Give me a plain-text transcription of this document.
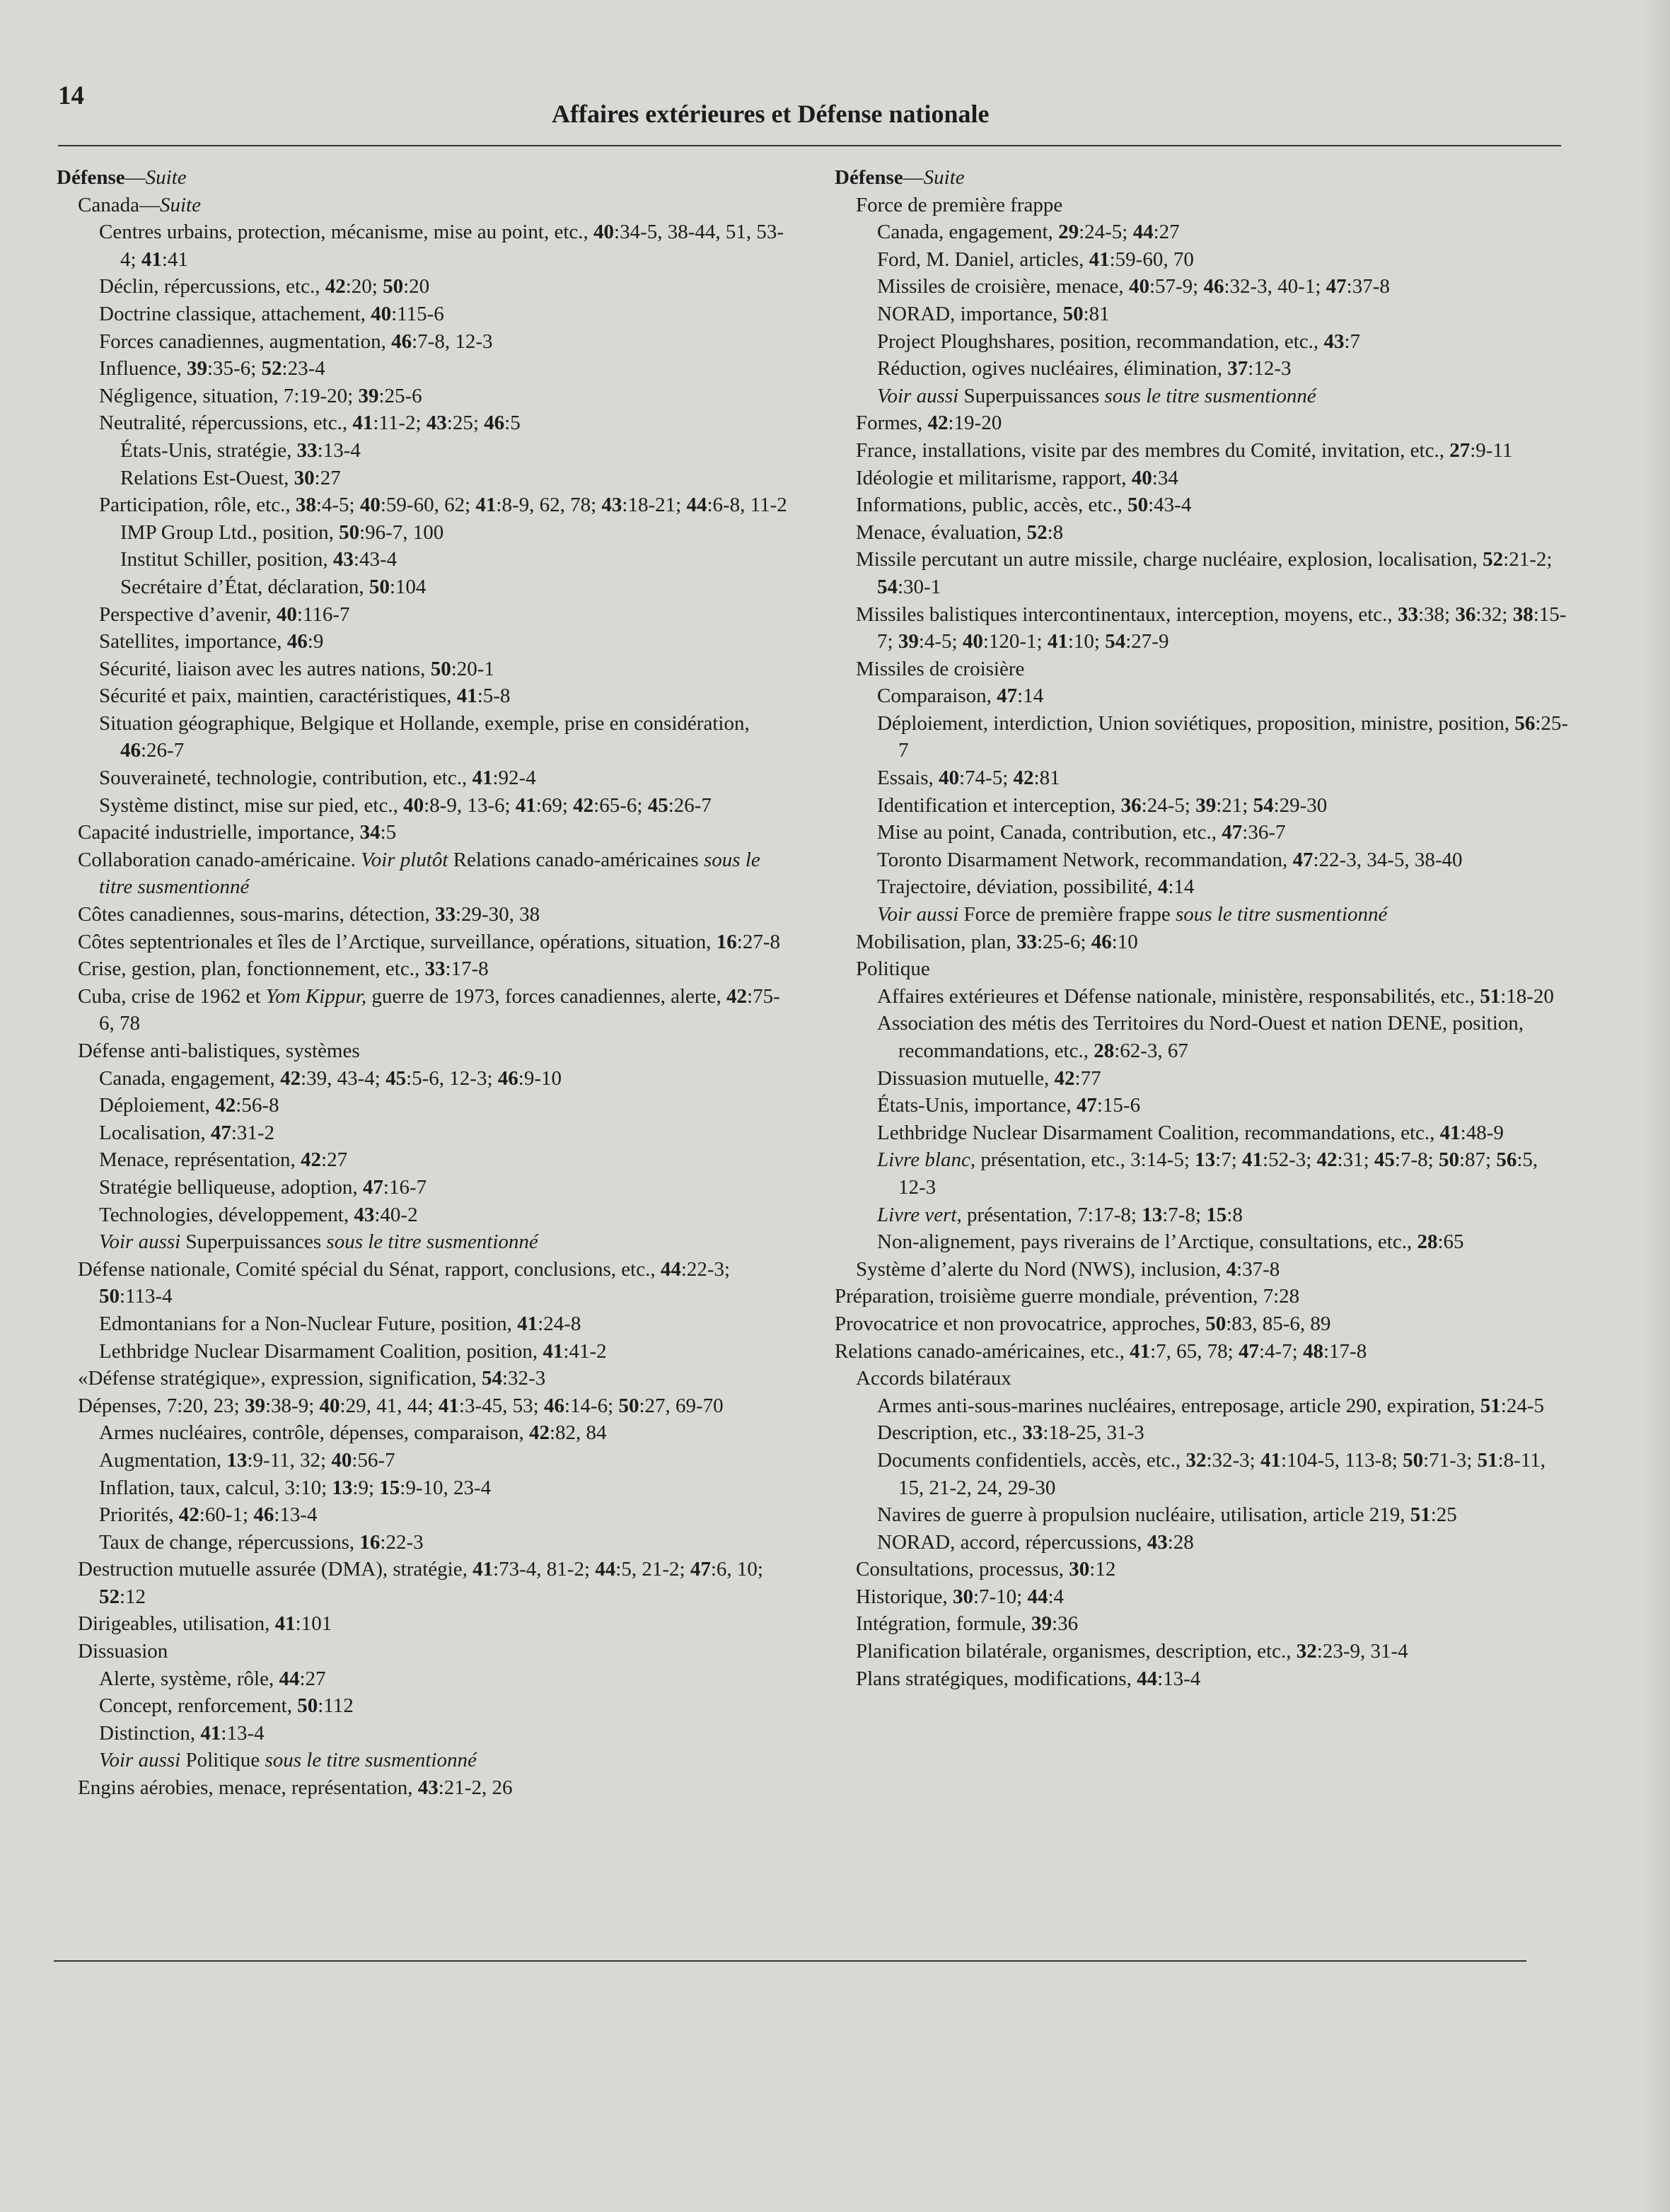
14

Affaires extérieures et Défense nationale

Défense—Suite

Canada—Suite

Centres urbains, protection, mécanisme, mise au point, etc., 40:34-5, 38-44, 51, 53-4; 41:41

Déclin, répercussions, etc., 42:20; 50:20

Doctrine classique, attachement, 40:115-6

Forces canadiennes, augmentation, 46:7-8, 12-3

Influence, 39:35-6; 52:23-4

Négligence, situation, 7:19-20; 39:25-6

Neutralité, répercussions, etc., 41:11-2; 43:25; 46:5

États-Unis, stratégie, 33:13-4

Relations Est-Ouest, 30:27

Participation, rôle, etc., 38:4-5; 40:59-60, 62; 41:8-9, 62, 78; 43:18-21; 44:6-8, 11-2

IMP Group Ltd., position, 50:96-7, 100

Institut Schiller, position, 43:43-4

Secrétaire d’État, déclaration, 50:104

Perspective d’avenir, 40:116-7

Satellites, importance, 46:9

Sécurité, liaison avec les autres nations, 50:20-1

Sécurité et paix, maintien, caractéristiques, 41:5-8

Situation géographique, Belgique et Hollande, exemple, prise en considération, 46:26-7

Souveraineté, technologie, contribution, etc., 41:92-4

Système distinct, mise sur pied, etc., 40:8-9, 13-6; 41:69; 42:65-6; 45:26-7

Capacité industrielle, importance, 34:5

Collaboration canado-américaine. Voir plutôt Relations canado-américaines sous le titre susmentionné

Côtes canadiennes, sous-marins, détection, 33:29-30, 38

Côtes septentrionales et îles de l’Arctique, surveillance, opérations, situation, 16:27-8

Crise, gestion, plan, fonctionnement, etc., 33:17-8

Cuba, crise de 1962 et Yom Kippur, guerre de 1973, forces canadiennes, alerte, 42:75-6, 78

Défense anti-balistiques, systèmes

Canada, engagement, 42:39, 43-4; 45:5-6, 12-3; 46:9-10

Déploiement, 42:56-8

Localisation, 47:31-2

Menace, représentation, 42:27

Stratégie belliqueuse, adoption, 47:16-7

Technologies, développement, 43:40-2

Voir aussi Superpuissances sous le titre susmentionné

Défense nationale, Comité spécial du Sénat, rapport, conclusions, etc., 44:22-3; 50:113-4

Edmontanians for a Non-Nuclear Future, position, 41:24-8

Lethbridge Nuclear Disarmament Coalition, position, 41:41-2

«Défense stratégique», expression, signification, 54:32-3

Dépenses, 7:20, 23; 39:38-9; 40:29, 41, 44; 41:3-45, 53; 46:14-6; 50:27, 69-70

Armes nucléaires, contrôle, dépenses, comparaison, 42:82, 84

Augmentation, 13:9-11, 32; 40:56-7

Inflation, taux, calcul, 3:10; 13:9; 15:9-10, 23-4

Priorités, 42:60-1; 46:13-4

Taux de change, répercussions, 16:22-3

Destruction mutuelle assurée (DMA), stratégie, 41:73-4, 81-2; 44:5, 21-2; 47:6, 10; 52:12

Dirigeables, utilisation, 41:101

Dissuasion

Alerte, système, rôle, 44:27

Concept, renforcement, 50:112

Distinction, 41:13-4

Voir aussi Politique sous le titre susmentionné

Engins aérobies, menace, représentation, 43:21-2, 26

Défense—Suite

Force de première frappe

Canada, engagement, 29:24-5; 44:27

Ford, M. Daniel, articles, 41:59-60, 70

Missiles de croisière, menace, 40:57-9; 46:32-3, 40-1; 47:37-8

NORAD, importance, 50:81

Project Ploughshares, position, recommandation, etc., 43:7

Réduction, ogives nucléaires, élimination, 37:12-3

Voir aussi Superpuissances sous le titre susmentionné

Formes, 42:19-20

France, installations, visite par des membres du Comité, invitation, etc., 27:9-11

Idéologie et militarisme, rapport, 40:34

Informations, public, accès, etc., 50:43-4

Menace, évaluation, 52:8

Missile percutant un autre missile, charge nucléaire, explosion, localisation, 52:21-2; 54:30-1

Missiles balistiques intercontinentaux, interception, moyens, etc., 33:38; 36:32; 38:15-7; 39:4-5; 40:120-1; 41:10; 54:27-9

Missiles de croisière

Comparaison, 47:14

Déploiement, interdiction, Union soviétiques, proposition, ministre, position, 56:25-7

Essais, 40:74-5; 42:81

Identification et interception, 36:24-5; 39:21; 54:29-30

Mise au point, Canada, contribution, etc., 47:36-7

Toronto Disarmament Network, recommandation, 47:22-3, 34-5, 38-40

Trajectoire, déviation, possibilité, 4:14

Voir aussi Force de première frappe sous le titre susmentionné

Mobilisation, plan, 33:25-6; 46:10

Politique

Affaires extérieures et Défense nationale, ministère, responsabilités, etc., 51:18-20

Association des métis des Territoires du Nord-Ouest et nation DENE, position, recommandations, etc., 28:62-3, 67

Dissuasion mutuelle, 42:77

États-Unis, importance, 47:15-6

Lethbridge Nuclear Disarmament Coalition, recommandations, etc., 41:48-9

Livre blanc, présentation, etc., 3:14-5; 13:7; 41:52-3; 42:31; 45:7-8; 50:87; 56:5, 12-3

Livre vert, présentation, 7:17-8; 13:7-8; 15:8

Non-alignement, pays riverains de l’Arctique, consultations, etc., 28:65

Système d’alerte du Nord (NWS), inclusion, 4:37-8

Préparation, troisième guerre mondiale, prévention, 7:28

Provocatrice et non provocatrice, approches, 50:83, 85-6, 89

Relations canado-américaines, etc., 41:7, 65, 78; 47:4-7; 48:17-8

Accords bilatéraux

Armes anti-sous-marines nucléaires, entreposage, article 290, expiration, 51:24-5

Description, etc., 33:18-25, 31-3

Documents confidentiels, accès, etc., 32:32-3; 41:104-5, 113-8; 50:71-3; 51:8-11, 15, 21-2, 24, 29-30

Navires de guerre à propulsion nucléaire, utilisation, article 219, 51:25

NORAD, accord, répercussions, 43:28

Consultations, processus, 30:12

Historique, 30:7-10; 44:4

Intégration, formule, 39:36

Planification bilatérale, organismes, description, etc., 32:23-9, 31-4

Plans stratégiques, modifications, 44:13-4
